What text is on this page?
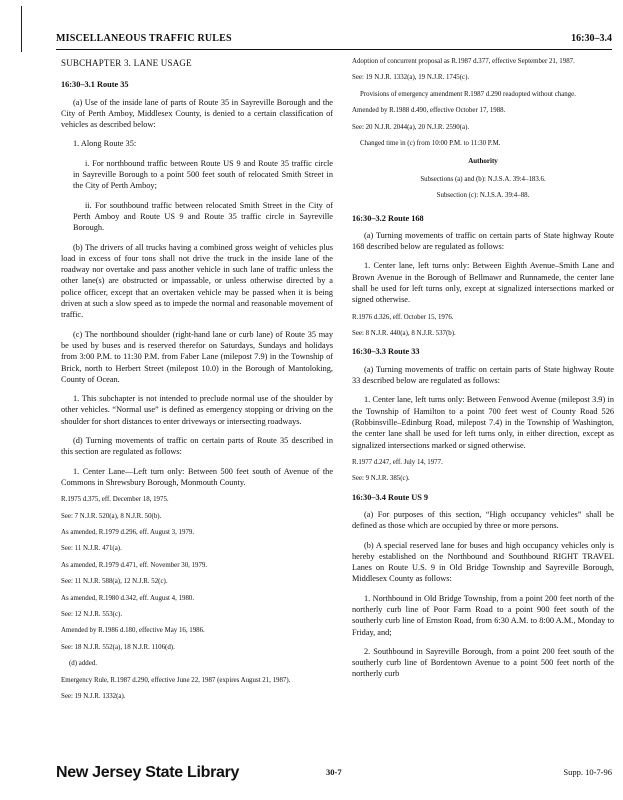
MISCELLANEOUS TRAFFIC RULES	16:30–3.4

SUBCHAPTER 3. LANE USAGE

16:30–3.1 Route 35

(a) Use of the inside lane of parts of Route 35 in Sayreville Borough and the City of Perth Amboy, Middlesex County, is denied to a certain classification of vehicles as described below:

1. Along Route 35:

i. For northbound traffic between Route US 9 and Route 35 traffic circle in Sayreville Borough to a point 500 feet south of relocated Smith Street in the City of Perth Amboy;

ii. For southbound traffic between relocated Smith Street in the City of Perth Amboy and Route US 9 and Route 35 traffic circle in Sayreville Borough.

(b) The drivers of all trucks having a combined gross weight of vehicles plus load in excess of four tons shall not drive the truck in the inside lane of the roadway nor overtake and pass another vehicle in such lane of traffic unless the other lane(s) are obstructed or impassable, or unless otherwise directed by a police officer, except that an overtaken vehicle may be passed when it is being driven at such a slow speed as to impede the normal and reasonable movement of traffic.

(c) The northbound shoulder (right-hand lane or curb lane) of Route 35 may be used by buses and is reserved therefor on Saturdays, Sundays and holidays from 3:00 P.M. to 11:30 P.M. from Faber Lane (milepost 7.9) in the Township of Brick, north to Herbert Street (milepost 10.0) in the Borough of Mantoloking, County of Ocean.

1. This subchapter is not intended to preclude normal use of the shoulder by other vehicles. “Normal use” is defined as emergency stopping or driving on the shoulder for short distances to enter driveways or intersecting roadways.

(d) Turning movements of traffic on certain parts of Route 35 described in this section are regulated as follows:

1. Center Lane—Left turn only: Between 500 feet south of Avenue of the Commons in Shrewsbury Borough, Monmouth County.

R.1975 d.375, eff. December 18, 1975.

See: 7 N.J.R. 520(a), 8 N.J.R. 50(b).

As amended, R.1979 d.296, eff. August 3, 1979.

See: 11 N.J.R. 471(a).

As amended, R.1979 d.471, eff. November 30, 1979.

See: 11 N.J.R. 588(a), 12 N.J.R. 52(c).

As amended, R.1980 d.342, eff. August 4, 1980.

See: 12 N.J.R. 553(c).

Amended by R.1986 d.180, effective May 16, 1986.

See: 18 N.J.R. 552(a), 18 N.J.R. 1106(d).

(d) added.

Emergency Rule, R.1987 d.290, effective June 22, 1987 (expires August 21, 1987).

See: 19 N.J.R. 1332(a).

Adoption of concurrent proposal as R.1987 d.377, effective September 21, 1987.

See: 19 N.J.R. 1332(a), 19 N.J.R. 1745(c).

Provisions of emergency amendment R.1987 d.290 readopted without change.

Amended by R.1988 d.490, effective October 17, 1988.

See: 20 N.J.R. 2044(a), 20 N.J.R. 2590(a).

Changed time in (c) from 10:00 P.M. to 11:30 P.M.

Authority

Subsections (a) and (b): N.J.S.A. 39:4–183.6.

Subsection (c): N.J.S.A. 39:4–88.

16:30–3.2 Route 168

(a) Turning movements of traffic on certain parts of State highway Route 168 described below are regulated as follows:

1. Center lane, left turns only: Between Eighth Avenue–Smith Lane and Brown Avenue in the Borough of Bellmawr and Runnamede, the center lane shall be used for left turns only, except at signalized intersections marked or signed otherwise.

R.1976 d.326, eff. October 15, 1976.

See: 8 N.J.R. 440(a), 8 N.J.R. 537(b).

16:30–3.3 Route 33

(a) Turning movements of traffic on certain parts of State highway Route 33 described below are regulated as follows:

1. Center lane, left turns only: Between Fenwood Avenue (milepost 3.9) in the Township of Hamilton to a point 700 feet west of County Road 526 (Robbinsville–Edinburg Road, milepost 7.4) in the Township of Washington, the center lane shall be used for left turns only, in either direction, except as signalized intersections marked or signed otherwise.

R.1977 d.247, eff. July 14, 1977.

See: 9 N.J.R. 385(c).

16:30–3.4 Route US 9

(a) For purposes of this section, “High occupancy vehicles” shall be defined as those which are occupied by three or more persons.

(b) A special reserved lane for buses and high occupancy vehicles only is hereby established on the Northbound and Southbound RIGHT TRAVEL Lanes on Route U.S. 9 in Old Bridge Township and Sayreville Borough, Middlesex County as follows:

1. Northbound in Old Bridge Township, from a point 200 feet north of the northerly curb line of Poor Farm Road to a point 900 feet south of the southerly curb line of Ernston Road, from 6:30 A.M. to 8:00 A.M., Monday to Friday, and;

2. Southbound in Sayreville Borough, from a point 200 feet south of the southerly curb line of Bordentown Avenue to a point 500 feet north of the northerly curb

New Jersey State Library	30-7	Supp. 10-7-96
